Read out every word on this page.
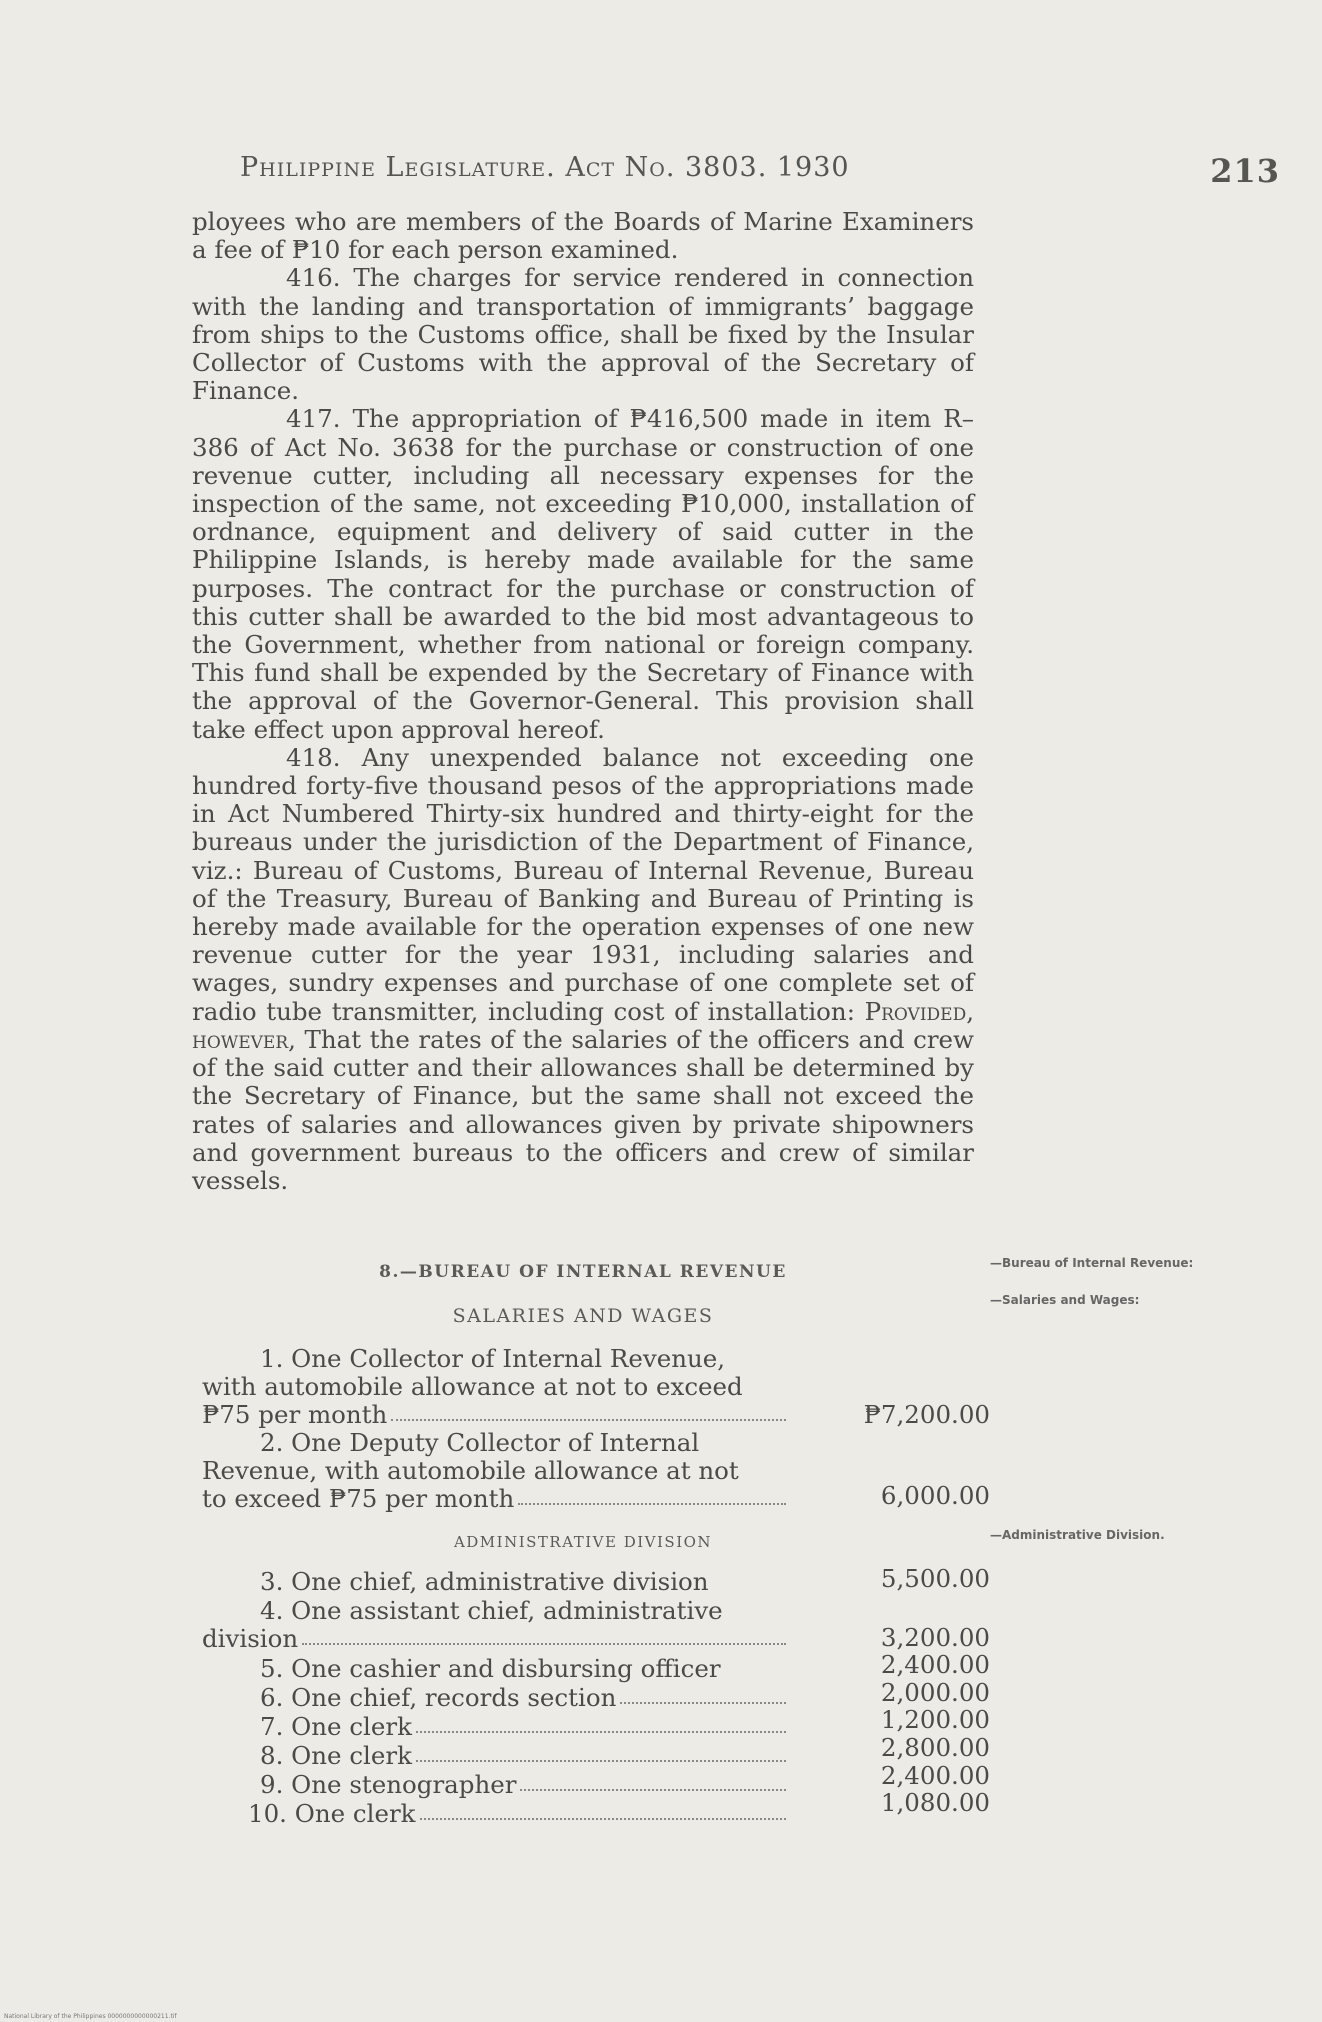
Philippine Legislature. Act No. 3803. 1930	213

ployees who are members of the Boards of Marine Examiners a fee of ₱10 for each person examined.

416. The charges for service rendered in connection with the landing and transportation of immigrants’ baggage from ships to the Customs office, shall be fixed by the Insular Collector of Customs with the approval of the Secretary of Finance.

417. The appropriation of ₱416,500 made in item R–386 of Act No. 3638 for the purchase or construction of one revenue cutter, including all necessary expenses for the inspection of the same, not exceeding ₱10,000, installation of ordnance, equipment and delivery of said cutter in the Philippine Islands, is hereby made available for the same purposes. The contract for the purchase or construction of this cutter shall be awarded to the bid most advantageous to the Government, whether from national or foreign company. This fund shall be expended by the Secretary of Finance with the approval of the Governor-General. This provision shall take effect upon approval hereof.

418. Any unexpended balance not exceeding one hundred forty-five thousand pesos of the appropriations made in Act Numbered Thirty-six hundred and thirty-eight for the bureaus under the jurisdiction of the Department of Finance, viz.: Bureau of Customs, Bureau of Internal Revenue, Bureau of the Treasury, Bureau of Banking and Bureau of Printing is hereby made available for the operation expenses of one new revenue cutter for the year 1931, including salaries and wages, sundry expenses and purchase of one complete set of radio tube transmitter, including cost of installation: Provided, however, That the rates of the salaries of the officers and crew of the said cutter and their allowances shall be determined by the Secretary of Finance, but the same shall not exceed the rates of salaries and allowances given by private shipowners and government bureaus to the officers and crew of similar vessels.

8.—BUREAU OF INTERNAL REVENUE
SALARIES AND WAGES
—Bureau of Internal Revenue:
—Salaries and Wages:
1. One Collector of Internal Revenue,
with automobile allowance at not to exceed
₱75 per month	₱7,200.00
2. One Deputy Collector of Internal
Revenue, with automobile allowance at not
to exceed ₱75 per month	6,000.00
ADMINISTRATIVE DIVISION	—Administrative Division.
3. One chief, administrative division	5,500.00
4. One assistant chief, administrative
division	3,200.00
5. One cashier and disbursing officer	2,400.00
6. One chief, records section	2,000.00
7. One clerk	1,200.00
8. One clerk	2,800.00
9. One stenographer	2,400.00
10. One clerk	1,080.00
National Library of the Philippines 0000000000000211.tif
